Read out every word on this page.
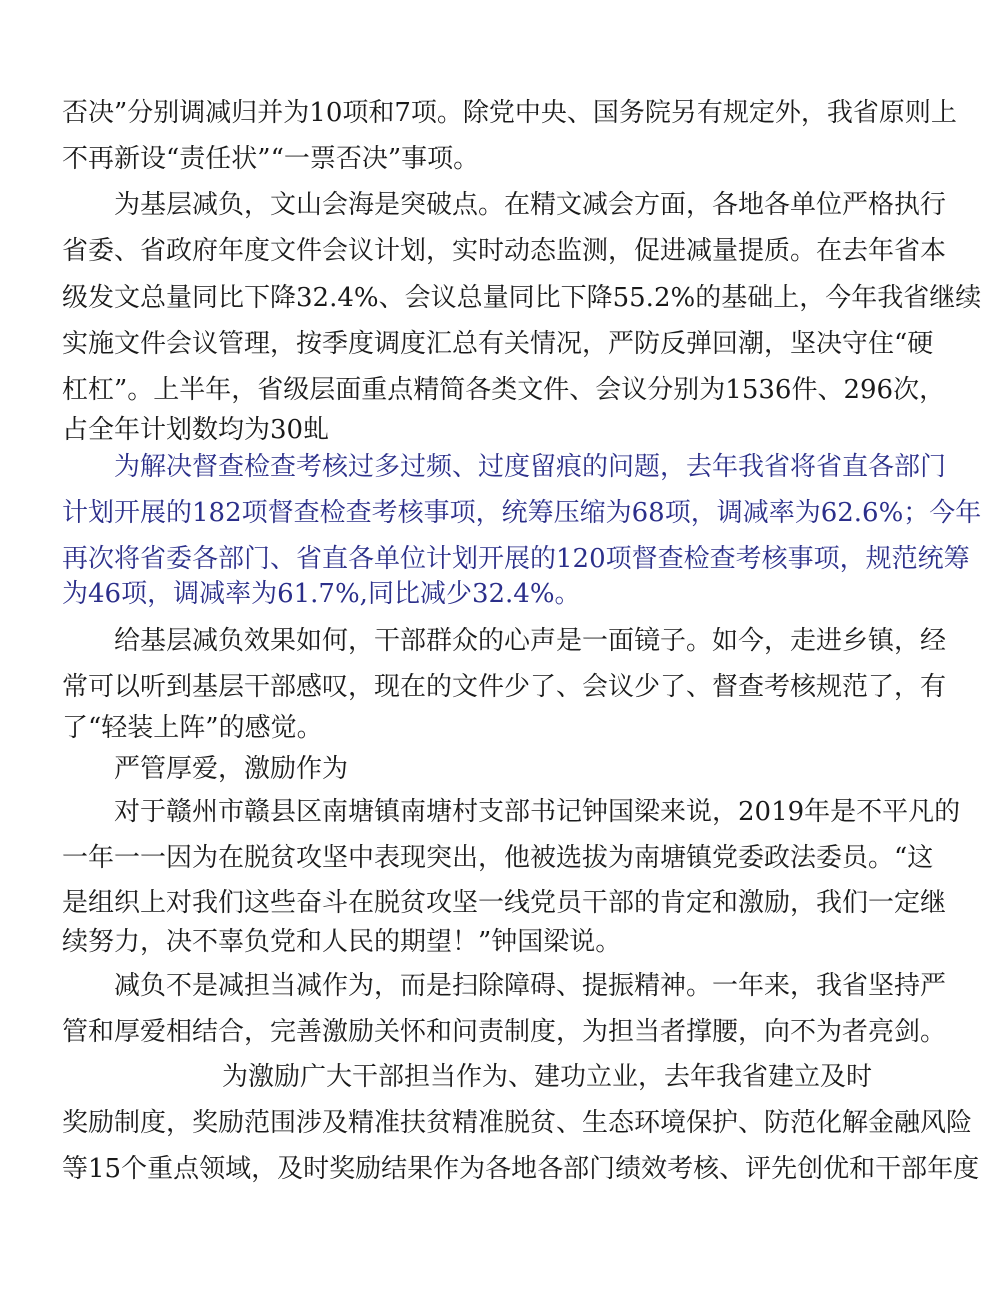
否决”分别调减归并为10项和7项。除党中央、国务院另有规定外，我省原则上
不再新设“责任状”“一票否决”事项。
为基层减负，文山会海是突破点。在精文减会方面，各地各单位严格执行
省委、省政府年度文件会议计划，实时动态监测，促进减量提质。在去年省本
级发文总量同比下降32.4%、会议总量同比下降55.2%的基础上，今年我省继续
实施文件会议管理，按季度调度汇总有关情况，严防反弹回潮，坚决守住“硬
杠杠”。上半年，省级层面重点精简各类文件、会议分别为1536件、296次，
占全年计划数均为30虬
为解决督查检查考核过多过频、过度留痕的问题，去年我省将省直各部门
计划开展的182项督查检查考核事项，统筹压缩为68项，调减率为62.6%；今年
再次将省委各部门、省直各单位计划开展的120项督查检查考核事项，规范统筹
为46项，调减率为61.7%,同比减少32.4%。
给基层减负效果如何，干部群众的心声是一面镜子。如今，走进乡镇，经
常可以听到基层干部感叹，现在的文件少了、会议少了、督查考核规范了，有
了“轻装上阵”的感觉。
严管厚爱，激励作为
对于赣州市赣县区南塘镇南塘村支部书记钟国梁来说，2019年是不平凡的
一年一一因为在脱贫攻坚中表现突出，他被选拔为南塘镇党委政法委员。“这
是组织上对我们这些奋斗在脱贫攻坚一线党员干部的肯定和激励，我们一定继
续努力，决不辜负党和人民的期望！”钟国梁说。
减负不是减担当减作为，而是扫除障碍、提振精神。一年来，我省坚持严
管和厚爱相结合，完善激励关怀和问责制度，为担当者撑腰，向不为者亮剑。
为激励广大干部担当作为、建功立业，去年我省建立及时
奖励制度，奖励范围涉及精准扶贫精准脱贫、生态环境保护、防范化解金融风险
等15个重点领域，及时奖励结果作为各地各部门绩效考核、评先创优和干部年度
